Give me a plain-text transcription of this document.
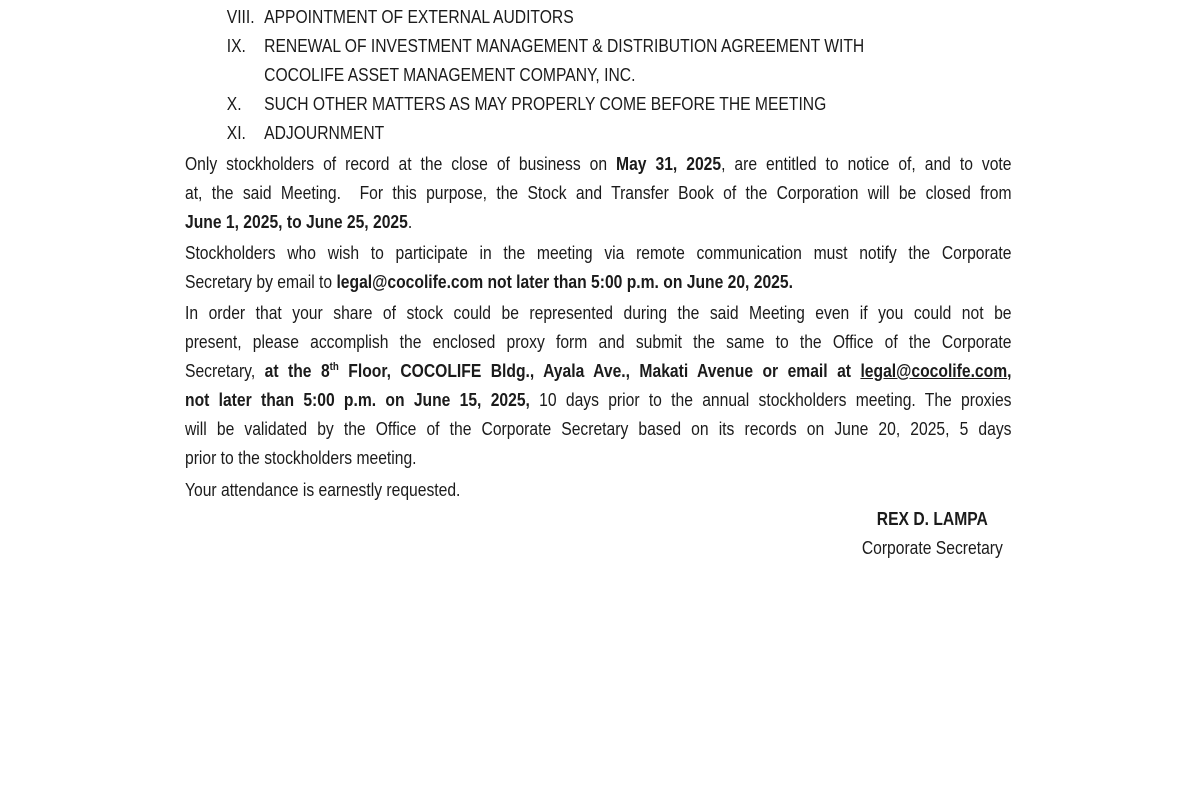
VIII. APPOINTMENT OF EXTERNAL AUDITORS
IX.	RENEWAL OF INVESTMENT MANAGEMENT & DISTRIBUTION AGREEMENT WITH
COCOLIFE ASSET MANAGEMENT COMPANY, INC.
X.	SUCH OTHER MATTERS AS MAY PROPERLY COME BEFORE THE MEETING
XI.	ADJOURNMENT
Only stockholders of record at the close of business on May 31, 2025, are entitled to notice of, and to vote
at, the said Meeting.  For this purpose, the Stock and Transfer Book of the Corporation will be closed from
June 1, 2025, to June 25, 2025.
Stockholders who wish to participate in the meeting via remote communication must notify the Corporate
Secretary by email to legal@cocolife.com not later than 5:00 p.m. on June 20, 2025.
In order that your share of stock could be represented during the said Meeting even if you could not be
present, please accomplish the enclosed proxy form and submit the same to the Office of the Corporate
Secretary, at the 8th Floor, COCOLIFE Bldg., Ayala Ave., Makati Avenue or email at legal@cocolife.com,
not later than 5:00 p.m. on June 15, 2025, 10 days prior to the annual stockholders meeting. The proxies
will be validated by the Office of the Corporate Secretary based on its records on June 20, 2025, 5 days
prior to the stockholders meeting.
Your attendance is earnestly requested.
REX D. LAMPA
Corporate Secretary
